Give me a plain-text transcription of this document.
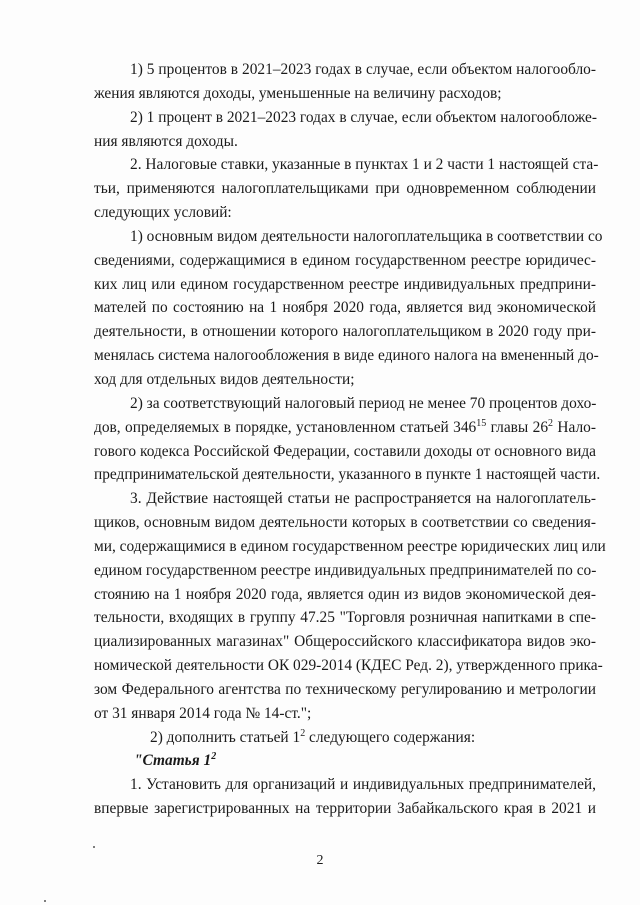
1) 5 процентов в 2021–2023 годах в случае, если объектом налогообло-
жения являются доходы, уменьшенные на величину расходов;
2) 1 процент в 2021–2023 годах в случае, если объектом налогообложе-
ния являются доходы.
2. Налоговые ставки, указанные в пунктах 1 и 2 части 1 настоящей ста-
тьи, применяются налогоплательщиками при одновременном соблюдении
следующих условий:
1) основным видом деятельности налогоплательщика в соответствии со
сведениями, содержащимися в едином государственном реестре юридичес-
ких лиц или едином государственном реестре индивидуальных предприни-
мателей по состоянию на 1 ноября 2020 года, является вид экономической
деятельности, в отношении которого налогоплательщиком в 2020 году при-
менялась система налогообложения в виде единого налога на вмененный до-
ход для отдельных видов деятельности;
2) за соответствующий налоговый период не менее 70 процентов дохо-
дов, определяемых в порядке, установленном статьей $346^{15}$ главы $26^2$ Нало-
гового кодекса Российской Федерации, составили доходы от основного вида
предпринимательской деятельности, указанного в пункте 1 настоящей части.
3. Действие настоящей статьи не распространяется на налогоплатель-
щиков, основным видом деятельности которых в соответствии со сведения-
ми, содержащимися в едином государственном реестре юридических лиц или
едином государственном реестре индивидуальных предпринимателей по со-
стоянию на 1 ноября 2020 года, является один из видов экономической дея-
тельности, входящих в группу 47.25 "Торговля розничная напитками в спе-
циализированных магазинах" Общероссийского классификатора видов эко-
номической деятельности ОК 029-2014 (КДЕС Ред. 2), утвержденного прика-
зом Федерального агентства по техническому регулированию и метрологии
от 31 января 2014 года № 14-ст.";
2) дополнить статьей $1^2$ следующего содержания:
"Статья $1^2$
1. Установить для организаций и индивидуальных предпринимателей,
впервые зарегистрированных на территории Забайкальского края в 2021 и
2
